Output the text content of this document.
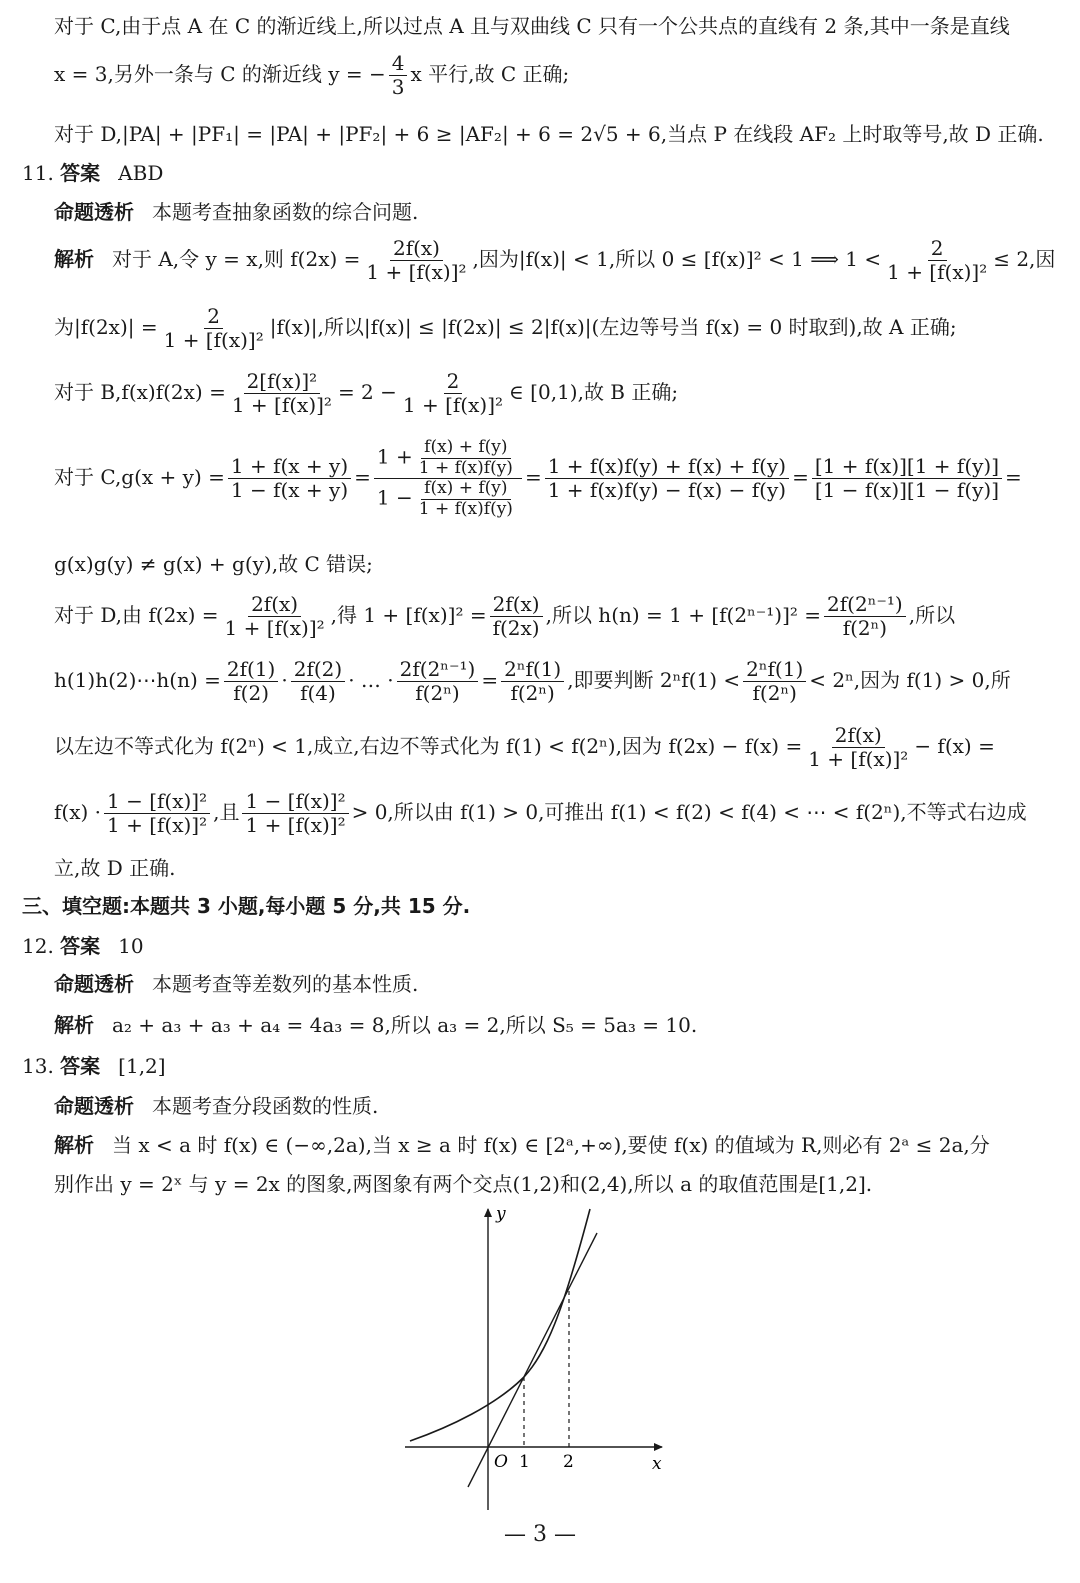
对于 C,由于点 A 在 C 的渐近线上,所以过点 A 且与双曲线 C 只有一个公共点的直线有 2 条,其中一条是直线
x = 3,另外一条与 C 的渐近线 y = − $\frac{4}{3}$ x 平行,故 C 正确;
对于 D,|PA| + |PF₁| = |PA| + |PF₂| + 6 ≥ |AF₂| + 6 = 2√5 + 6,当点 P 在线段 AF₂ 上时取等号,故 D 正确.
11. 答案 ABD
命题透析 本题考查抽象函数的综合问题.
解析 对于 A,令 y = x,则 $f(2x) = \frac{2f(x)}{\text{1 + [f(x)]²}}$ ,因为|f(x)| < 1,所以 0 ≤ [f(x)]² < 1 ⟹ $1 < \frac{2}{\text{1 + [f(x)]²}} \le 2$,因
为$|f(2x)| = \frac{2}{\text{1 + [f(x)]²}} |f(x)|$,所以|f(x)| ≤ |f(2x)| ≤ 2|f(x)|(左边等号当 f(x) = 0 时取到),故 A 正确;
对于 $B,f(x)f(2x) = \frac{\text{2[f(x)]²}}{\text{1 + [f(x)]²}} = 2 - \frac{2}{\text{1 + [f(x)]²}}$ ∈ [0,1),故 B 正确;
对于 $C,g(x + y) = \frac{1 + f(x + y)}{1 - f(x + y)} = \frac{1 + \frac{f(x) + f(y)}{1 + f(x)f(y)}}{1 - \frac{f(x) + f(y)}{1 + f(x)f(y)}} = \frac{1 + f(x)f(y) + f(x) + f(y)}{1 + f(x)f(y) - f(x) - f(y)} = \frac{[1 + f(x)][1 + f(y)]}{[1 - f(x)][1 - f(y)]}$ =
g(x)g(y) ≠ g(x) + g(y),故 C 错误;
对于 D,由 $f(2x) = \frac{2f(x)}{\text{1 + [f(x)]²}}$ ,得 $1 + [f(x)]^2 = \frac{2f(x)}{f(2x)}$ ,所以 $h(n) = 1 + [f(2^{n-1})]^2 = \frac{\text{2f(2ⁿ⁻¹)}}{\text{f(2ⁿ)}}$ ,所以
h(1)h(2)⋯h(n) = $\frac{2f(1)}{f(2)} \cdot \frac{2f(2)}{f(4)}$ · … · $\frac{\text{2f(2ⁿ⁻¹)}}{\text{f(2ⁿ)}} = \frac{\text{2ⁿf(1)}}{\text{f(2ⁿ)}}$ ,即要判断 $2^nf(1) < \frac{\text{2ⁿf(1)}}{\text{f(2ⁿ)}} < 2^n$,因为 f(1) > 0,所
以左边不等式化为 f(2ⁿ) < 1,成立,右边不等式化为 f(1) < f(2ⁿ),因为 $f(2x) - f(x) = \frac{2f(x)}{\text{1 + [f(x)]²}} - f(x)$ =
$f(x) \cdot \frac{\text{1 − [f(x)]²}}{\text{1 + [f(x)]²}}$ ,且 $\frac{\text{1 − [f(x)]²}}{\text{1 + [f(x)]²}} > 0$,所以由 f(1) > 0,可推出 f(1) < f(2) < f(4) < ⋯ < f(2ⁿ),不等式右边成
立,故 D 正确.
三、填空题:本题共 3 小题,每小题 5 分,共 15 分.
12. 答案 10
命题透析 本题考查等差数列的基本性质.
解析 a₂ + a₃ + a₃ + a₄ = 4a₃ = 8,所以 a₃ = 2,所以 S₅ = 5a₃ = 10.
13. 答案 [1,2]
命题透析 本题考查分段函数的性质.
解析 当 x < a 时 f(x) ∈ (−∞,2a),当 x ≥ a 时 f(x) ∈ [2ᵃ,+∞),要使 f(x) 的值域为 R,则必有 2ᵃ ≤ 2a,分
别作出 y = 2ˣ 与 y = 2x 的图象,两图象有两个交点(1,2)和(2,4),所以 a 的取值范围是[1,2].
y
x
O 1 2
— 3 —
